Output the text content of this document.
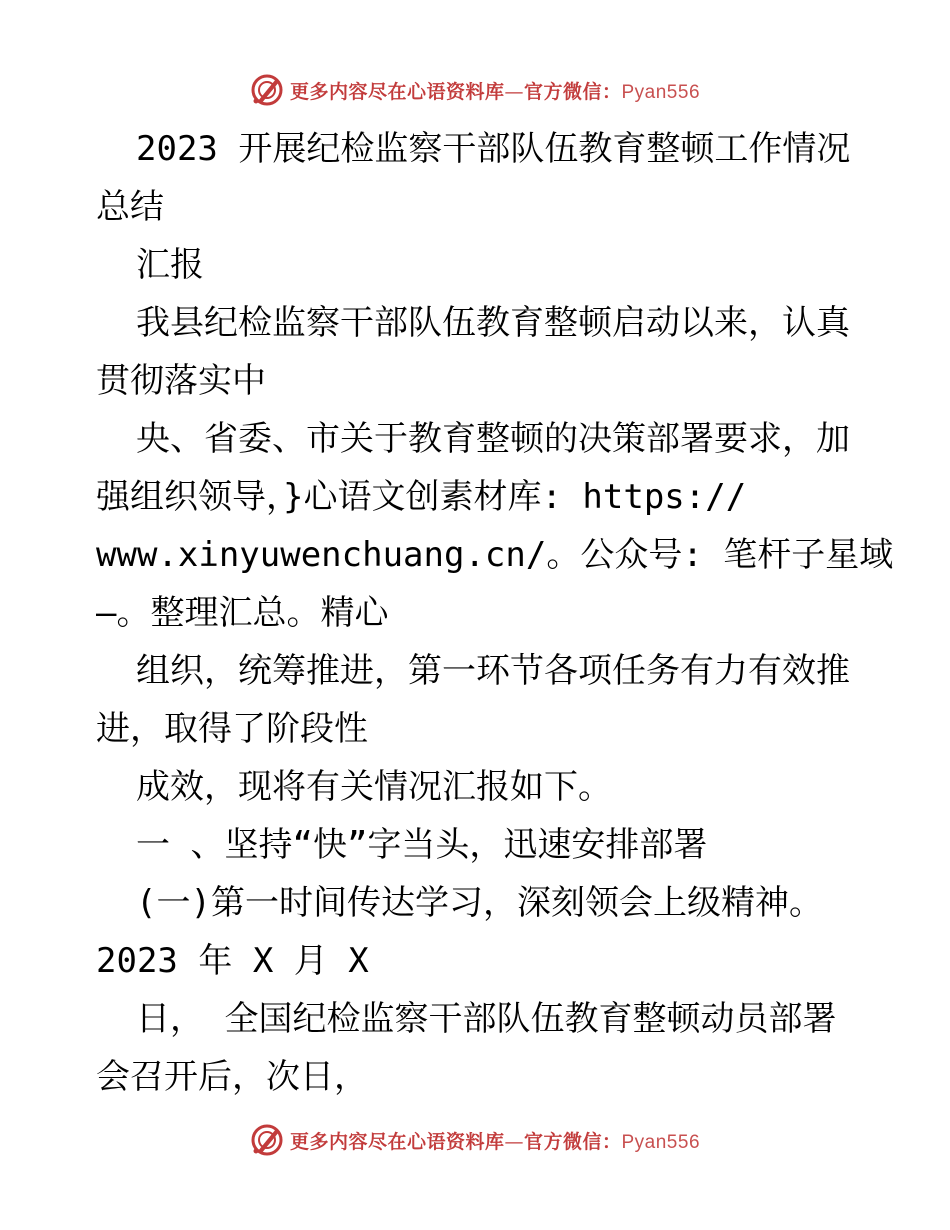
更多内容尽在心语资料库—官方微信：Pyan556

2023 开展纪检监察干部队伍教育整顿工作情况

总结

汇报

我县纪检监察干部队伍教育整顿启动以来，认真

贯彻落实中

央、省委、市关于教育整顿的决策部署要求，加

强组织领导，}心语文创素材库: https://

www.xinyuwenchuang.cn/。公众号: 笔杆子星域

—。整理汇总。精心

组织，统筹推进，第一环节各项任务有力有效推

进，取得了阶段性

成效，现将有关情况汇报如下。

一 、坚持“快”字当头，迅速安排部署

(一)第一时间传达学习，深刻领会上级精神。

2023 年 X 月 X

日， 全国纪检监察干部队伍教育整顿动员部署

会召开后，次日，

更多内容尽在心语资料库—官方微信：Pyan556
